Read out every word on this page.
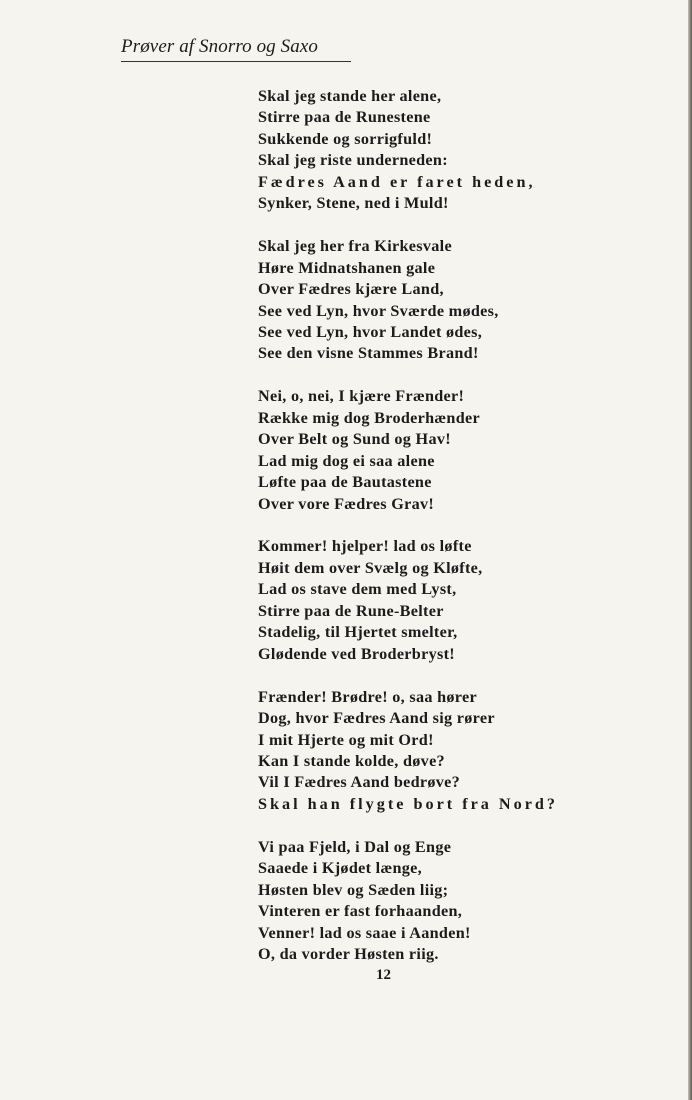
Prøver af Snorro og Saxo
Skal jeg stande her alene,
Stirre paa de Runestene
Sukkende og sorrigfuld!
Skal jeg riste underneden:
Fædres Aand er faret heden,
Synker, Stene, ned i Muld!
Skal jeg her fra Kirkesvale
Høre Midnatshanen gale
Over Fædres kjære Land,
See ved Lyn, hvor Sværde mødes,
See ved Lyn, hvor Landet ødes,
See den visne Stammes Brand!
Nei, o, nei, I kjære Frænder!
Række mig dog Broderhænder
Over Belt og Sund og Hav!
Lad mig dog ei saa alene
Løfte paa de Bautastene
Over vore Fædres Grav!
Kommer! hjelper! lad os løfte
Høit dem over Svælg og Kløfte,
Lad os stave dem med Lyst,
Stirre paa de Rune-Belter
Stadelig, til Hjertet smelter,
Glødende ved Broderbryst!
Frænder! Brødre! o, saa hører
Dog, hvor Fædres Aand sig rører
I mit Hjerte og mit Ord!
Kan I stande kolde, døve?
Vil I Fædres Aand bedrøve?
Skal han flygte bort fra Nord?
Vi paa Fjeld, i Dal og Enge
Saaede i Kjødet længe,
Høsten blev og Sæden liig;
Vinteren er fast forhaanden,
Venner! lad os saae i Aanden!
O, da vorder Høsten riig.
12
